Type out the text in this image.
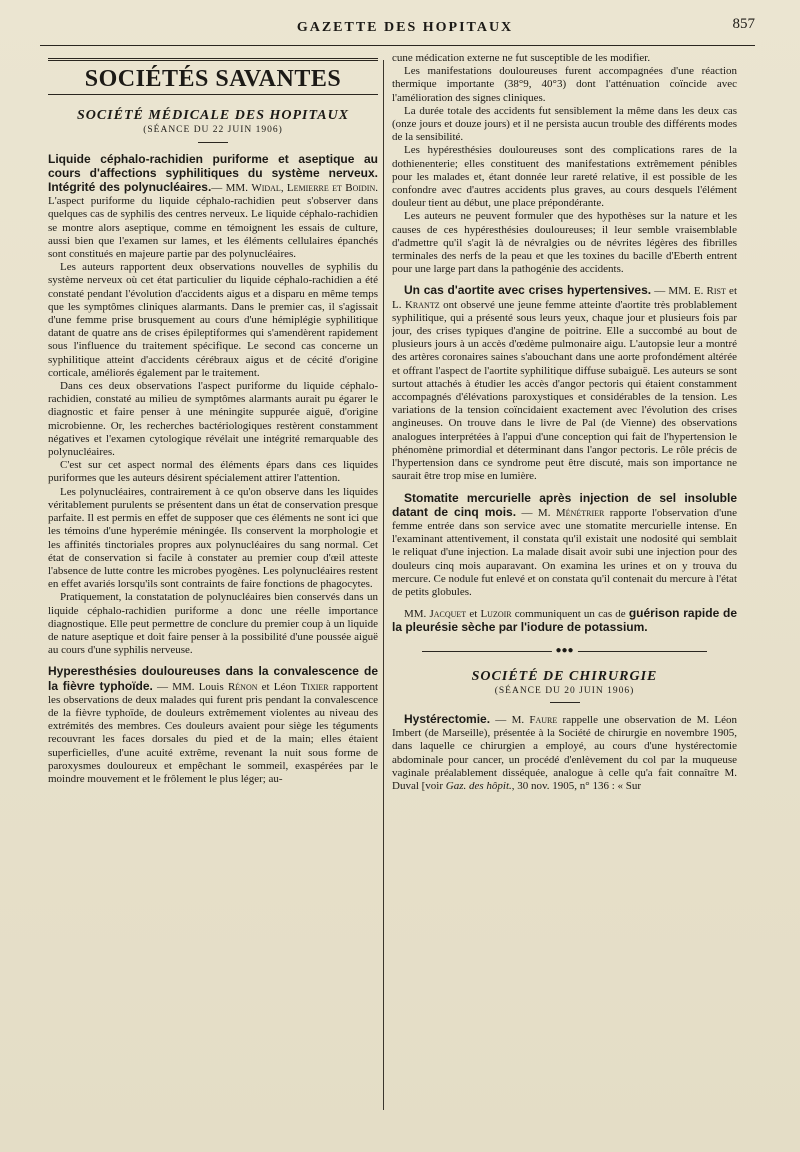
GAZETTE DES HOPITAUX	857
SOCIÉTÉS SAVANTES
SOCIÉTÉ MÉDICALE DES HOPITAUX
(SÉANCE DU 22 JUIN 1906)

Liquide céphalo-rachidien puriforme et aseptique au cours d'affections syphilitiques du système nerveux. Intégrité des polynucléaires.— MM. Widal, Lemierre et Boidin. L'aspect puriforme du liquide céphalo-rachidien peut s'observer dans quelques cas de syphilis des centres nerveux. Le liquide céphalo-rachidien se montre alors aseptique, comme en témoignent les essais de culture, aussi bien que l'examen sur lames, et les éléments cellulaires épanchés sont constitués en majeure partie par des polynucléaires.

Les auteurs rapportent deux observations nouvelles de syphilis du système nerveux où cet état particulier du liquide céphalo-rachidien a été constaté pendant l'évolution d'accidents aigus et a disparu en même temps que les symptômes cliniques alarmants. Dans le premier cas, il s'agissait d'une femme prise brusquement au cours d'une hémiplégie syphilitique datant de quatre ans de crises épileptiformes qui s'amendèrent rapidement sous l'influence du traitement spécifique. Le second cas concerne un syphilitique atteint d'accidents cérébraux aigus et de cécité d'origine corticale, améliorés également par le traitement.

Dans ces deux observations l'aspect puriforme du liquide céphalo-rachidien, constaté au milieu de symptômes alarmants aurait pu égarer le diagnostic et faire penser à une méningite suppurée aiguë, d'origine microbienne. Or, les recherches bactériologiques restèrent constamment négatives et l'examen cytologique révélait une intégrité remarquable des polynucléaires.

C'est sur cet aspect normal des éléments épars dans ces liquides puriformes que les auteurs désirent spécialement attirer l'attention.

Les polynucléaires, contrairement à ce qu'on observe dans les liquides véritablement purulents se présentent dans un état de conservation presque parfaite. Il est permis en effet de supposer que ces éléments ne sont ici que les témoins d'une hyperémie méningée. Ils conservent la morphologie et les affinités tinctoriales propres aux polynucléaires du sang normal. Cet état de conservation si facile à constater au premier coup d'œil atteste l'absence de lutte contre les microbes pyogènes. Les polynucléaires restent en effet avariés lorsqu'ils sont contraints de faire fonctions de phagocytes.

Pratiquement, la constatation de polynucléaires bien conservés dans un liquide céphalo-rachidien puriforme a donc une réelle importance diagnostique. Elle peut permettre de conclure du premier coup à un liquide de nature aseptique et doit faire penser à la possibilité d'une poussée aiguë au cours d'une syphilis nerveuse.

Hyperesthésies douloureuses dans la convalescence de la fièvre typhoïde. — MM. Louis Rénon et Léon Tixier rapportent les observations de deux malades qui furent pris pendant la convalescence de la fièvre typhoïde, de douleurs extrêmement violentes au niveau des extrémités des membres. Ces douleurs avaient pour siège les téguments recouvrant les faces dorsales du pied et de la main; elles étaient superficielles, d'une acuité extrême, revenant la nuit sous forme de paroxysmes douloureux et empêchant le sommeil, exaspérées par le moindre mouvement et le frôlement le plus léger; au-

cune médication externe ne fut susceptible de les modifier.

Les manifestations douloureuses furent accompagnées d'une réaction thermique importante (38°9, 40°3) dont l'atténuation coïncide avec l'amélioration des signes cliniques.

La durée totale des accidents fut sensiblement la même dans les deux cas (onze jours et douze jours) et il ne persista aucun trouble des différents modes de la sensibilité.

Les hypéresthésies douloureuses sont des complications rares de la dothienenterie; elles constituent des manifestations extrêmement pénibles pour les malades et, étant donnée leur rareté relative, il est possible de les confondre avec d'autres accidents plus graves, au cours desquels l'élément douleur tient au début, une place prépondérante.

Les auteurs ne peuvent formuler que des hypothèses sur la nature et les causes de ces hypéresthésies douloureuses; il leur semble vraisemblable d'admettre qu'il s'agit là de névralgies ou de névrites légères des fibrilles terminales des nerfs de la peau et que les toxines du bacille d'Eberth entrent pour une large part dans la pathogénie des accidents.

Un cas d'aortite avec crises hypertensives. — MM. E. Rist et L. Krantz ont observé une jeune femme atteinte d'aortite très problablement syphilitique, qui a présenté sous leurs yeux, chaque jour et plusieurs fois par jour, des crises typiques d'angine de poitrine. Elle a succombé au bout de plusieurs jours à un accès d'œdème pulmonaire aigu. L'autopsie leur a montré des artères coronaires saines s'abouchant dans une aorte profondément altérée et offrant l'aspect de l'aortite syphilitique diffuse subaiguë. Les auteurs se sont surtout attachés à étudier les accès d'angor pectoris qui étaient constamment accompagnés d'élévations paroxystiques et considérables de la tension. Les variations de la tension coïncidaient exactement avec l'évolution des crises angineuses. On trouve dans le livre de Pal (de Vienne) des observations analogues interprétées à l'appui d'une conception qui fait de l'hypertension le phénomène primordial et déterminant dans l'angor pectoris. Le rôle précis de l'hypertension dans ce syndrome peut être discuté, mais son importance ne saurait être trop mise en lumière.

Stomatite mercurielle après injection de sel insoluble datant de cinq mois. — M. Ménétrier rapporte l'observation d'une femme entrée dans son service avec une stomatite mercurielle intense. En l'examinant attentivement, il constata qu'il existait une nodosité qui semblait le reliquat d'une injection. La malade disait avoir subi une injection pour des douleurs cinq mois auparavant. On examina les urines et on y trouva du mercure. Ce nodule fut enlevé et on constata qu'il contenait du mercure à l'état de petits globules.

MM. Jacquet et Luzoir communiquent un cas de guérison rapide de la pleurésie sèche par l'iodure de potassium.

●●●
SOCIÉTÉ DE CHIRURGIE
(SÉANCE DU 20 JUIN 1906)

Hystérectomie. — M. Faure rappelle une observation de M. Léon Imbert (de Marseille), présentée à la Société de chirurgie en novembre 1905, dans laquelle ce chirurgien a employé, au cours d'une hystérectomie abdominale pour cancer, un procédé d'enlèvement du col par la muqueuse vaginale préalablement disséquée, analogue à celle qu'a fait connaître M. Duval [voir Gaz. des hôpit., 30 nov. 1905, n° 136 : « Sur
